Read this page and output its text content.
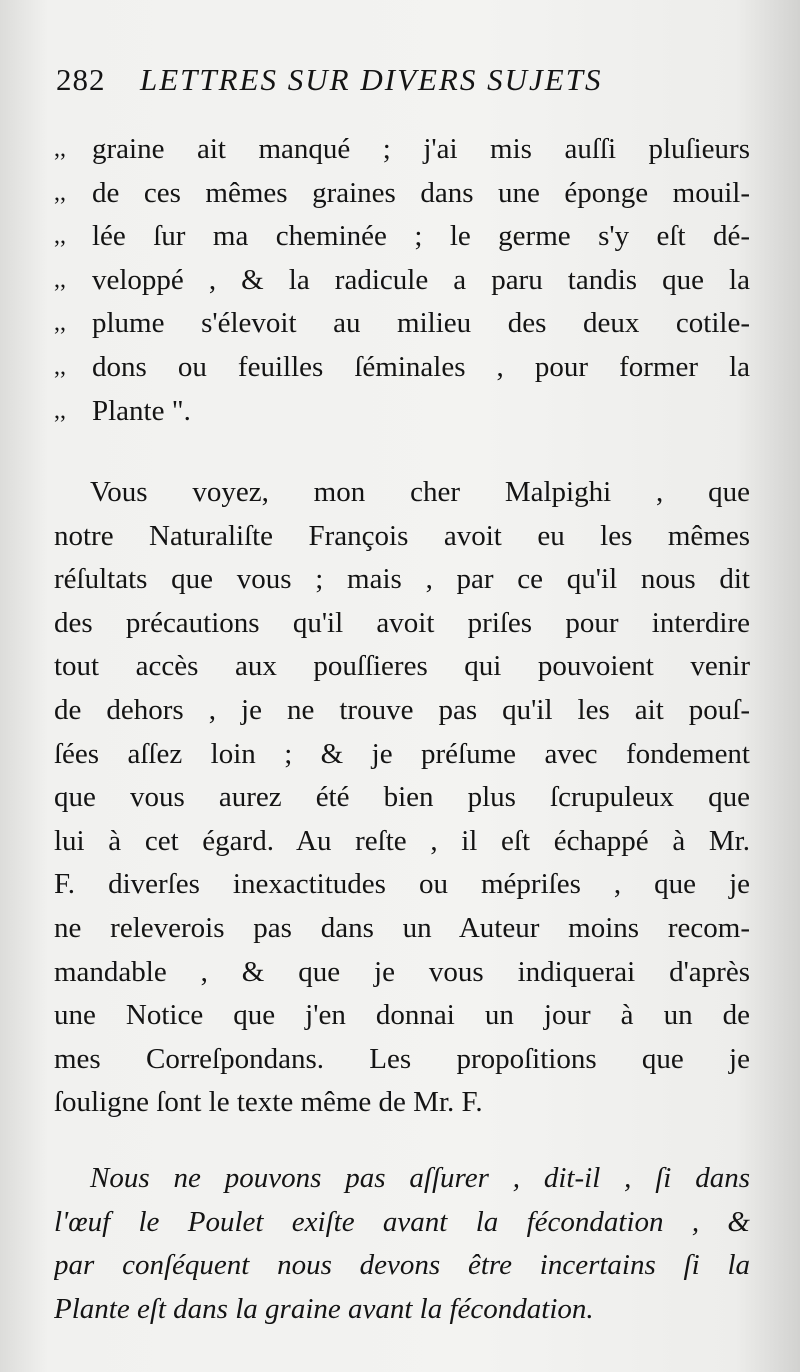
282 LETTRES SUR DIVERS SUJETS
,, graine ait manqué ; j'ai mis auſſi pluſieurs
,, de ces mêmes graines dans une éponge mouil-
,, lée ſur ma cheminée ; le germe s'y eſt dé-
,, veloppé , & la radicule a paru tandis que la
,, plume s'élevoit au milieu des deux cotile-
,, dons ou feuilles ſéminales , pour former la
,, Plante ".
Vous voyez, mon cher Malpighi , que
notre Naturaliſte François avoit eu les mêmes
réſultats que vous ; mais , par ce qu'il nous dit
des précautions qu'il avoit priſes pour interdire
tout accès aux pouſſieres qui pouvoient venir
de dehors , je ne trouve pas qu'il les ait pouſ-
ſées aſſez loin ; & je préſume avec fondement
que vous aurez été bien plus ſcrupuleux que
lui à cet égard. Au reſte , il eſt échappé à Mr.
F. diverſes inexactitudes ou mépriſes , que je
ne releverois pas dans un Auteur moins recom-
mandable , & que je vous indiquerai d'après
une Notice que j'en donnai un jour à un de
mes Correſpondans. Les propoſitions que je
ſouligne ſont le texte même de Mr. F.
Nous ne pouvons pas aſſurer , dit-il , ſi dans
l'œuf le Poulet exiſte avant la fécondation , &
par conſéquent nous devons être incertains ſi la
Plante eſt dans la graine avant la fécondation.
